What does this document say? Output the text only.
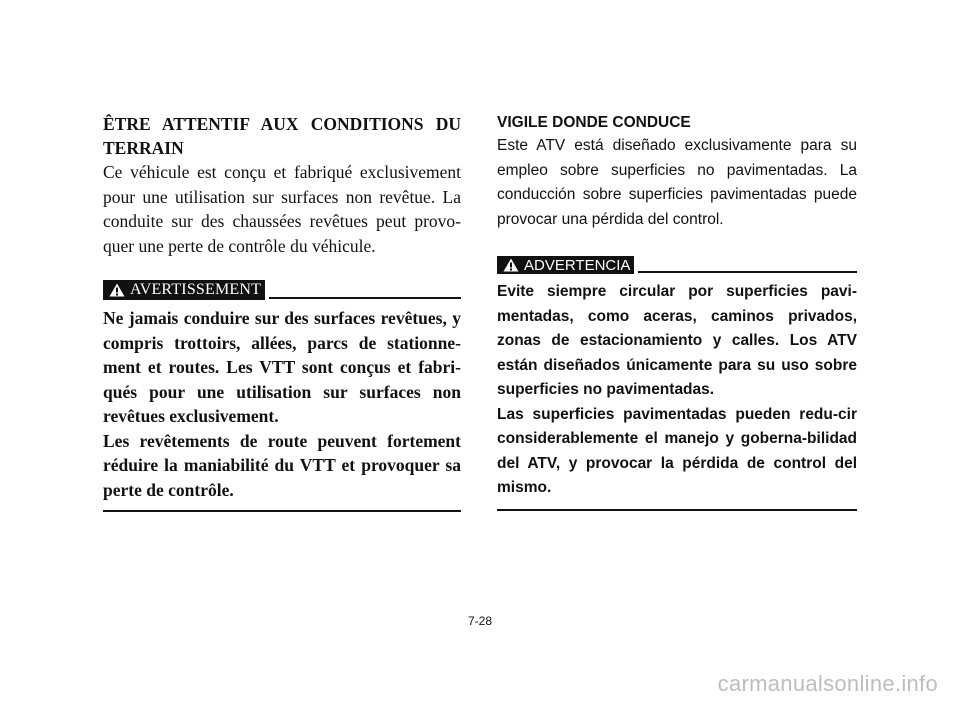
ÊTRE ATTENTIF AUX CONDITIONS DU TERRAIN

Ce véhicule est conçu et fabriqué exclusivement pour une utilisation sur surfaces non revêtue. La conduite sur des chaussées revêtues peut provo-quer une perte de contrôle du véhicule.

AVERTISSEMENT

Ne jamais conduire sur des surfaces revêtues, y compris trottoirs, allées, parcs de stationne-ment et routes. Les VTT sont conçus et fabri-qués pour une utilisation sur surfaces non revêtues exclusivement.

Les revêtements de route peuvent fortement réduire la maniabilité du VTT et provoquer sa perte de contrôle.

VIGILE DONDE CONDUCE

Este ATV está diseñado exclusivamente para su empleo sobre superficies no pavimentadas. La conducción sobre superficies pavimentadas puede provocar una pérdida del control.

ADVERTENCIA

Evite siempre circular por superficies pavi-mentadas, como aceras, caminos privados, zonas de estacionamiento y calles. Los ATV están diseñados únicamente para su uso sobre superficies no pavimentadas.

Las superficies pavimentadas pueden redu-cir considerablemente el manejo y goberna-bilidad del ATV, y provocar la pérdida de control del mismo.

7-28
carmanualsonline.info
